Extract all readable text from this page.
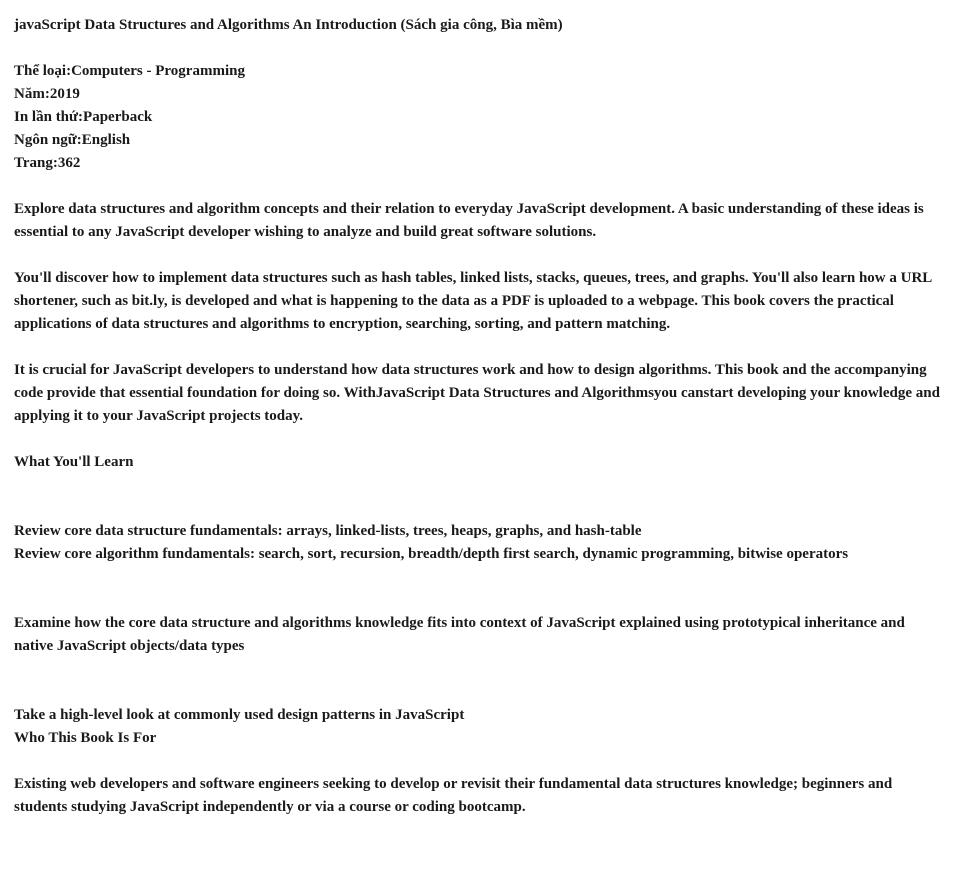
javaScript Data Structures and Algorithms An Introduction (Sách gia công, Bìa mềm)
Thể loại:Computers - Programming
Năm:2019
In lần thứ:Paperback
Ngôn ngữ:English
Trang:362

Explore data structures and algorithm concepts and their relation to everyday JavaScript development. A basic understanding of these ideas is essential to any JavaScript developer wishing to analyze and build great software solutions.

You'll discover how to implement data structures such as hash tables, linked lists, stacks, queues, trees, and graphs. You'll also learn how a URL shortener, such as bit.ly, is developed and what is happening to the data as a PDF is uploaded to a webpage. This book covers the practical applications of data structures and algorithms to encryption, searching, sorting, and pattern matching.

It is crucial for JavaScript developers to understand how data structures work and how to design algorithms. This book and the accompanying code provide that essential foundation for doing so. WithJavaScript Data Structures and Algorithmsyou canstart developing your knowledge and applying it to your JavaScript projects today.

What You'll Learn

Review core data structure fundamentals: arrays, linked-lists, trees, heaps, graphs, and hash-table

Review core algorithm fundamentals: search, sort, recursion, breadth/depth first search, dynamic programming, bitwise operators

Examine how the core data structure and algorithms knowledge fits into context of JavaScript explained using prototypical inheritance and native JavaScript objects/data types

Take a high-level look at commonly used design patterns in JavaScript

Who This Book Is For

Existing web developers and software engineers seeking to develop or revisit their fundamental data structures knowledge; beginners and students studying JavaScript independently or via a course or coding bootcamp.
